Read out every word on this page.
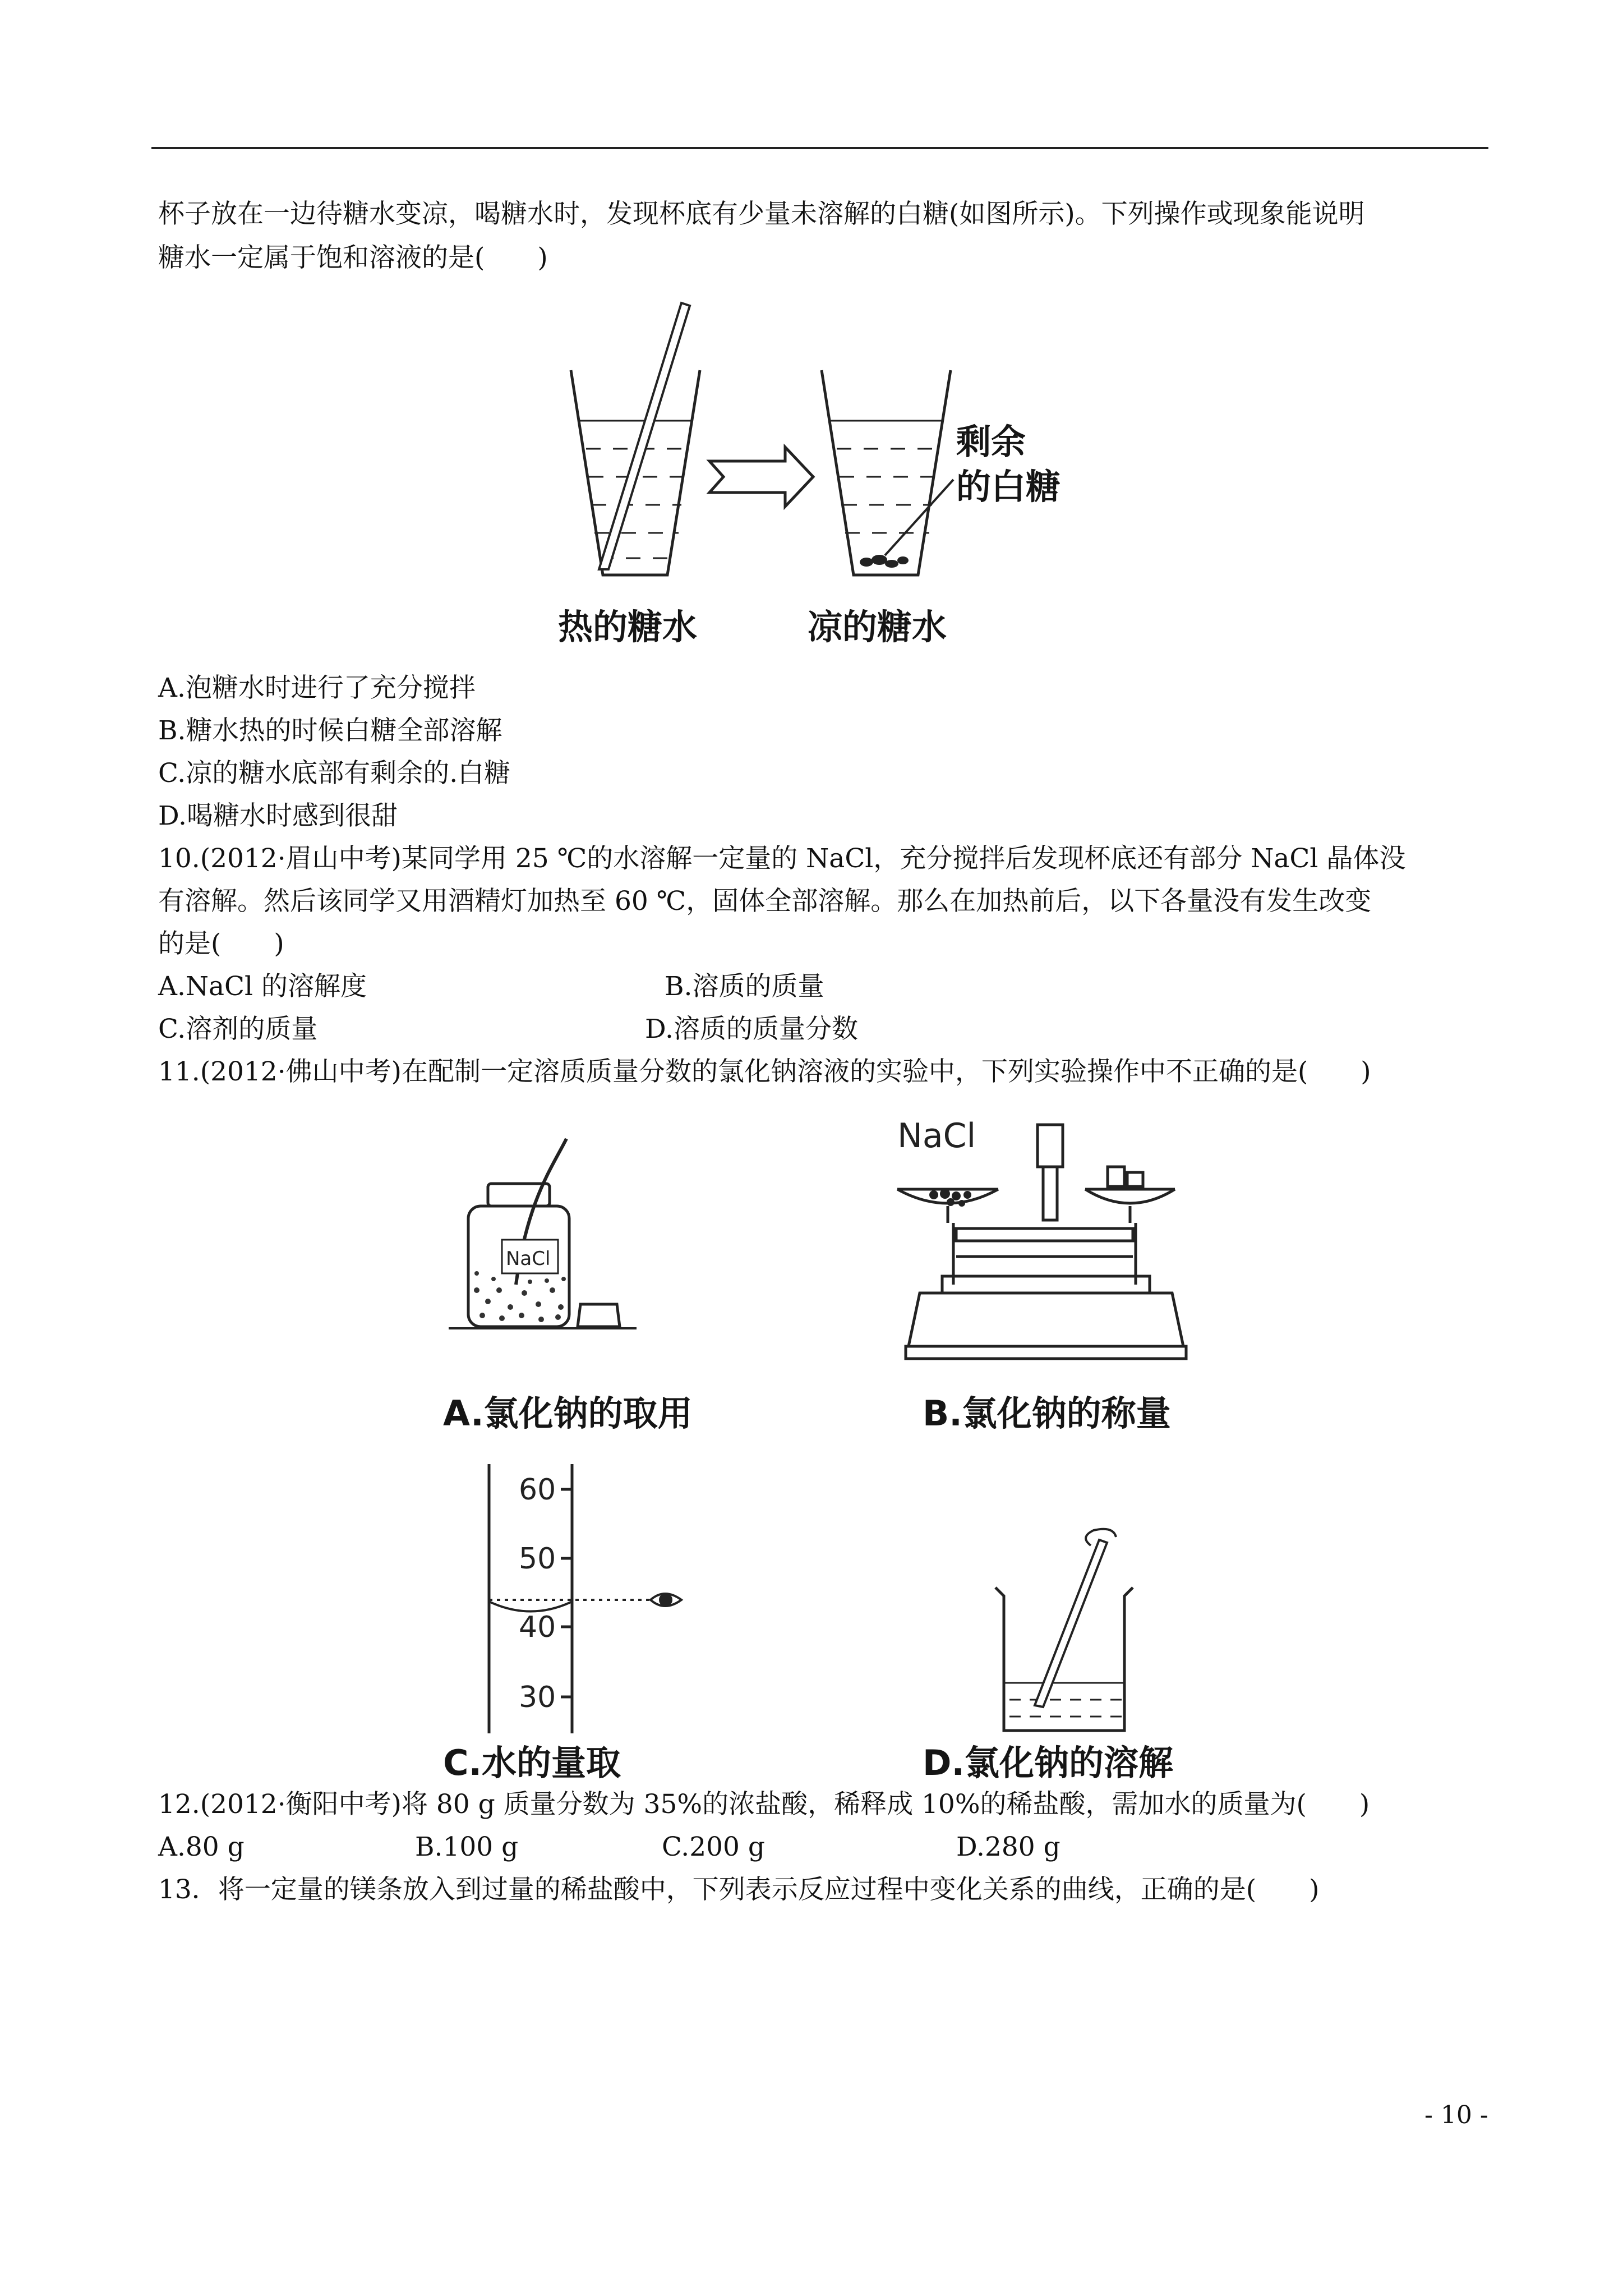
杯子放在一边待糖水变凉，喝糖水时，发现杯底有少量未溶解的白糖(如图所示)。下列操作或现象能说明
糖水一定属于饱和溶液的是(　　)
剩余
的白糖
热的糖水	凉的糖水
A.泡糖水时进行了充分搅拌
B.糖水热的时候白糖全部溶解
C.凉的糖水底部有剩余的.白糖
D.喝糖水时感到很甜
10.(2012·眉山中考)某同学用 25 ℃的水溶解一定量的 NaCl，充分搅拌后发现杯底还有部分 NaCl 晶体没
有溶解。然后该同学又用酒精灯加热至 60 ℃，固体全部溶解。那么在加热前后，以下各量没有发生改变
的是(　　)
A.NaCl 的溶解度	B.溶质的质量
C.溶剂的质量	D.溶质的质量分数
11.(2012·佛山中考)在配制一定溶质质量分数的氯化钠溶液的实验中，下列实验操作中不正确的是(　　)
NaCl
NaCl
60
50
40
30
A.氯化钠的取用	B.氯化钠的称量
C.水的量取	D.氯化钠的溶解
12.(2012·衡阳中考)将 80 g 质量分数为 35%的浓盐酸，稀释成 10%的稀盐酸，需加水的质量为(　　)
A.80 g	B.100 g	C.200 g	D.280 g
13．将一定量的镁条放入到过量的稀盐酸中，下列表示反应过程中变化关系的曲线，正确的是(　　)
- 10 -
